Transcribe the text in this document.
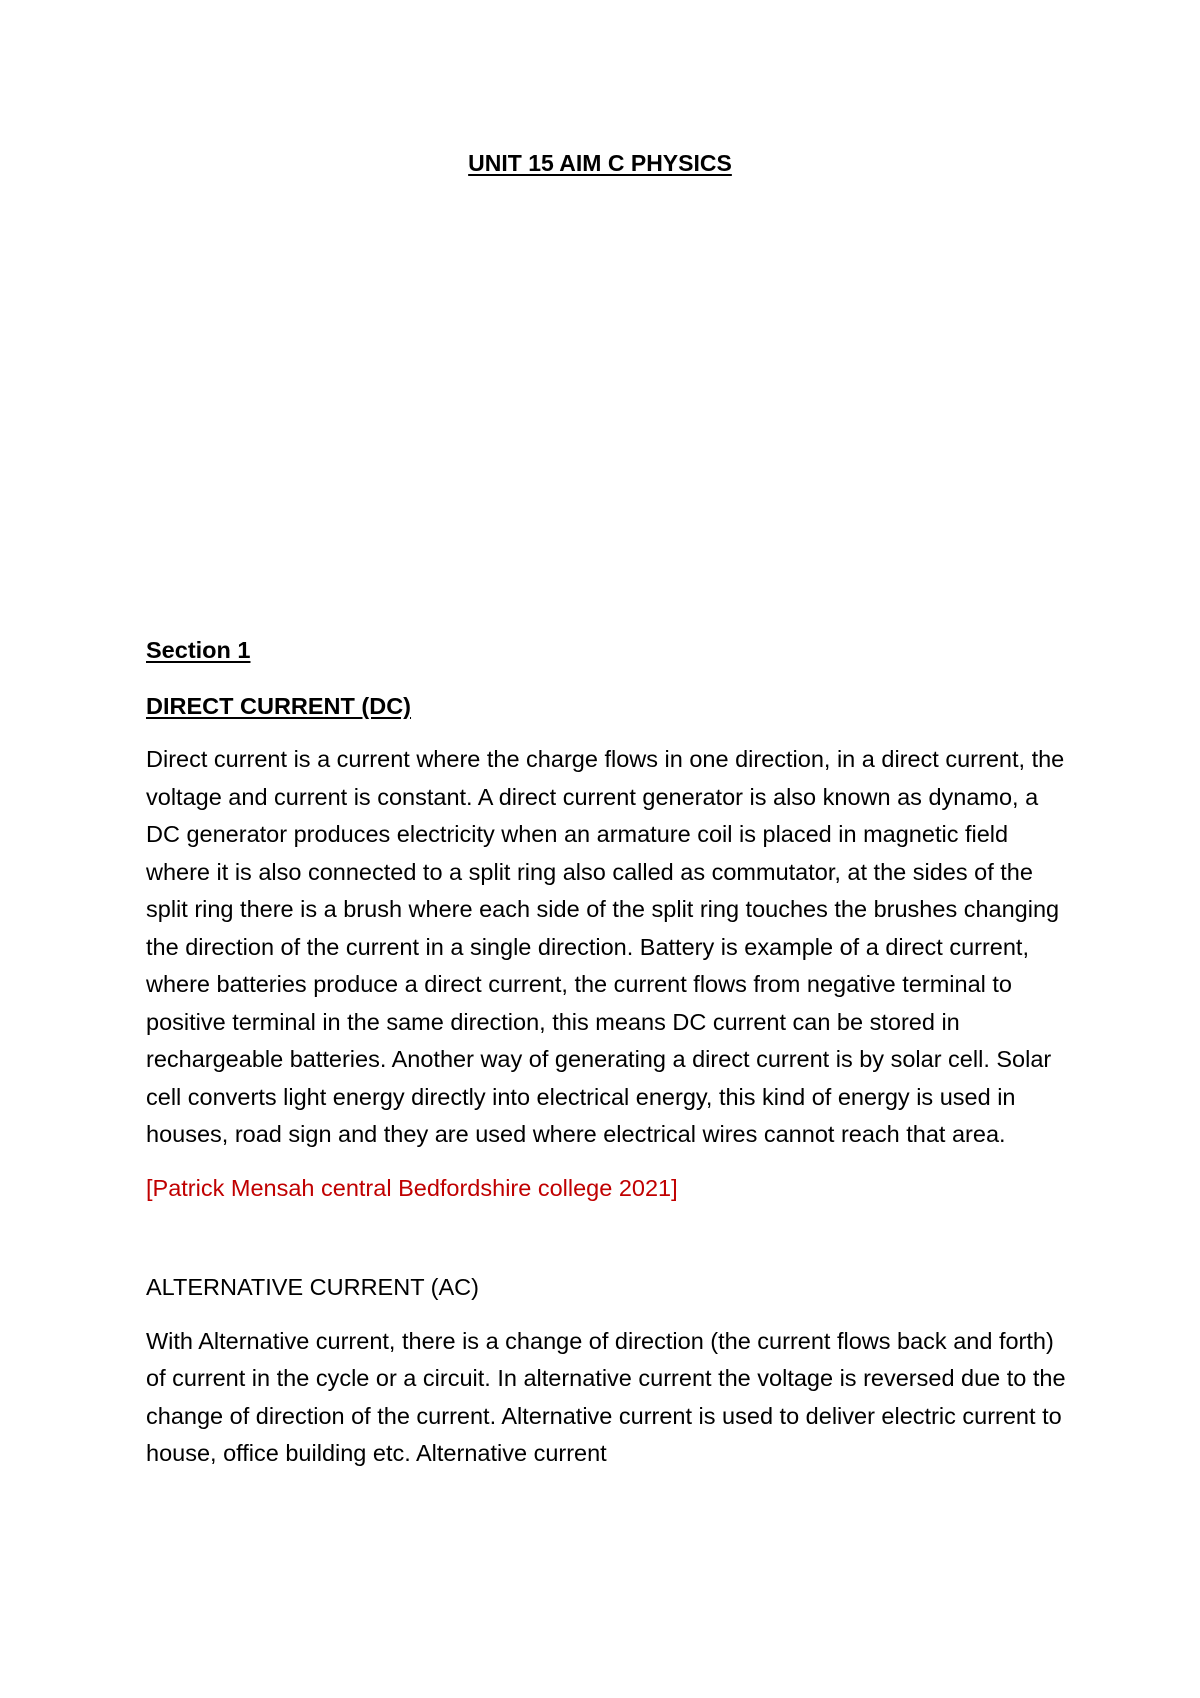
UNIT 15 AIM C PHYSICS

Section 1

DIRECT CURRENT (DC)

Direct current is a current where the charge flows in one direction, in a direct current, the voltage and current is constant. A direct current generator is also known as dynamo, a DC generator produces electricity when an armature coil is placed in magnetic field where it is also connected to a split ring also called as commutator, at the sides of the split ring there is a brush where each side of the split ring touches the brushes changing the direction of the current in a single direction. Battery is example of a direct current, where batteries produce a direct current, the current flows from negative terminal to positive terminal in the same direction, this means DC current can be stored in rechargeable batteries. Another way of generating a direct current is by solar cell. Solar cell converts light energy directly into electrical energy, this kind of energy is used in houses, road sign and they are used where electrical wires cannot reach that area.

[Patrick Mensah central Bedfordshire college 2021]

ALTERNATIVE CURRENT (AC)

With Alternative current, there is a change of direction (the current flows back and forth) of current in the cycle or a circuit. In alternative current the voltage is reversed due to the change of direction of the current. Alternative current is used to deliver electric current to house, office building etc. Alternative current
